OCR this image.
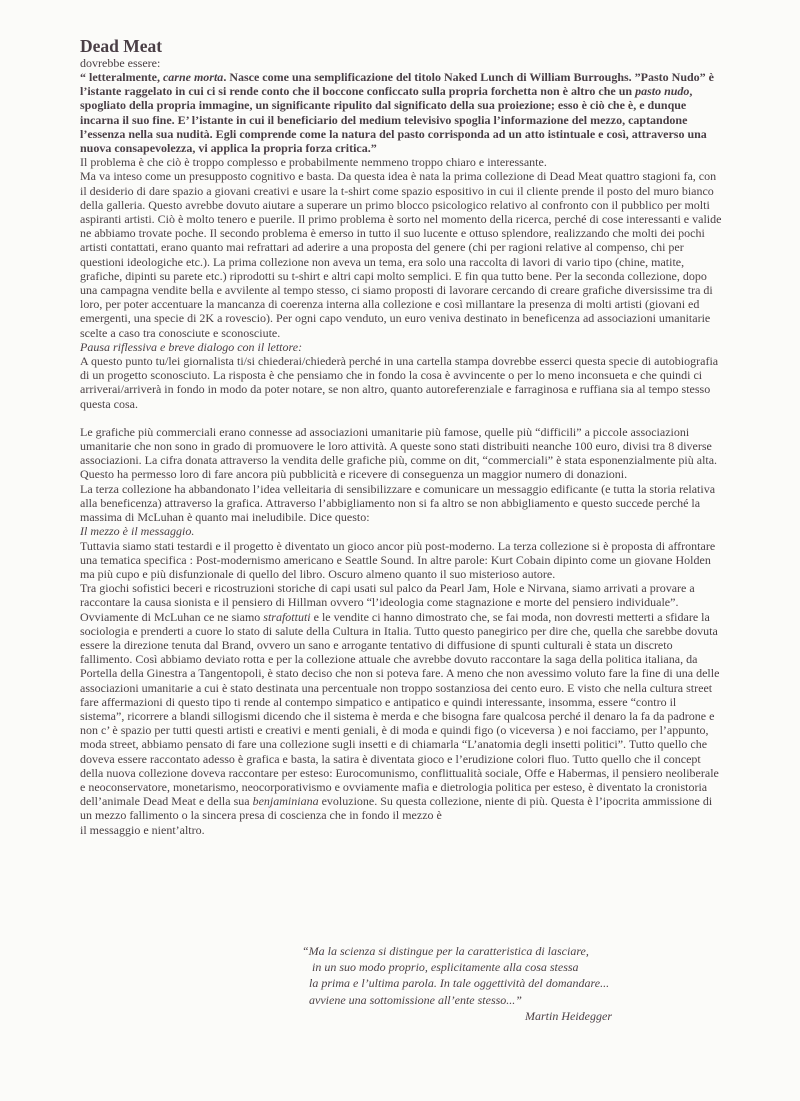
Dead Meat
dovrebbe essere:

“ letteralmente, carne morta. Nasce come una semplificazione del titolo Naked Lunch di William Burroughs. ”Pasto Nudo” è l’istante raggelato in cui ci si rende conto che il boccone conficcato sulla propria forchetta non è altro che un pasto nudo, spogliato della propria immagine, un significante ripulito dal significato della sua proiezione; esso è ciò che è, e dunque incarna il suo fine. E’ l’istante in cui il beneficiario del medium televisivo spoglia l’informazione del mezzo, captandone l’essenza nella sua nudità. Egli comprende come la natura del pasto corrisponda ad un atto istintuale e così, attraverso una nuova consapevolezza, vi applica la propria forza critica.”

Il problema è che ciò è troppo complesso e probabilmente nemmeno troppo chiaro e interessante.

Ma va inteso come un presupposto cognitivo e basta. Da questa idea è nata la prima collezione di Dead Meat quattro stagioni fa, con il desiderio di dare spazio a giovani creativi e usare la t-shirt come spazio espositivo in cui il cliente prende il posto del muro bianco della galleria. Questo avrebbe dovuto aiutare a superare un primo blocco psicologico relativo al confronto con il pubblico per molti aspiranti artisti. Ciò è molto tenero e puerile. Il primo problema è sorto nel momento della ricerca, perché di cose interessanti e valide ne abbiamo trovate poche. Il secondo problema è emerso in tutto il suo lucente e ottuso splendore, realizzando che molti dei pochi artisti contattati, erano quanto mai refrattari ad aderire a una proposta del genere (chi per ragioni relative al compenso, chi per questioni ideologiche etc.). La prima collezione non aveva un tema, era solo una raccolta di lavori di vario tipo (chine, matite, grafiche, dipinti su parete etc.) riprodotti su t-shirt e altri capi molto semplici. E fin qua tutto bene. Per la seconda collezione, dopo una campagna vendite bella e avvilente al tempo stesso, ci siamo proposti di lavorare cercando di creare grafiche diversissime tra di loro, per poter accentuare la mancanza di coerenza interna alla collezione e così millantare la presenza di molti artisti (giovani ed emergenti, una specie di 2K a rovescio). Per ogni capo venduto, un euro veniva destinato in beneficenza ad associazioni umanitarie scelte a caso tra conosciute e sconosciute.

Pausa riflessiva e breve dialogo con il lettore:

A questo punto tu/lei giornalista ti/si chiederai/chiederà perché in una cartella stampa dovrebbe esserci questa specie di autobiografia di un progetto sconosciuto. La risposta è che pensiamo che in fondo la cosa è avvincente o per lo meno inconsueta e che quindi ci arriverai/arriverà in fondo in modo da poter notare, se non altro, quanto autoreferenziale e farraginosa e ruffiana sia al tempo stesso questa cosa.

Le grafiche più commerciali erano connesse ad associazioni umanitarie più famose, quelle più “difficili” a piccole associazioni umanitarie che non sono in grado di promuovere le loro attività. A queste sono stati distribuiti neanche 100 euro, divisi tra 8 diverse associazioni. La cifra donata attraverso la vendita delle grafiche più, comme on dit, “commerciali” è stata esponenzialmente più alta. Questo ha permesso loro di fare ancora più pubblicità e ricevere di conseguenza un maggior numero di donazioni.

La terza collezione ha abbandonato l’idea velleitaria di sensibilizzare e comunicare un messaggio edificante (e tutta la storia relativa alla beneficenza) attraverso la grafica. Attraverso l’abbigliamento non si fa altro se non abbigliamento e questo succede perché la massima di McLuhan è quanto mai ineludibile. Dice questo:

Il mezzo è il messaggio.

Tuttavia siamo stati testardi e il progetto è diventato un gioco ancor più post-moderno. La terza collezione si è proposta di affrontare una tematica specifica : Post-modernismo americano e Seattle Sound. In altre parole: Kurt Cobain dipinto come un giovane Holden ma più cupo e più disfunzionale di quello del libro. Oscuro almeno quanto il suo misterioso autore.

Tra giochi sofistici beceri e ricostruzioni storiche di capi usati sul palco da Pearl Jam, Hole e Nirvana, siamo arrivati a provare a raccontare la causa sionista e il pensiero di Hillman ovvero “l’ideologia come stagnazione e morte del pensiero individuale”. Ovviamente di McLuhan ce ne siamo strafottuti e le vendite ci hanno dimostrato che, se fai moda, non dovresti metterti a sfidare la sociologia e prenderti a cuore lo stato di salute della Cultura in Italia. Tutto questo panegirico per dire che, quella che sarebbe dovuta essere la direzione tenuta dal Brand, ovvero un sano e arrogante tentativo di diffusione di spunti culturali è stata un discreto fallimento. Così abbiamo deviato rotta e per la collezione attuale che avrebbe dovuto raccontare la saga della politica italiana, da Portella della Ginestra a Tangentopoli, è stato deciso che non si poteva fare. A meno che non avessimo voluto fare la fine di una delle associazioni umanitarie a cui è stato destinata una percentuale non troppo sostanziosa dei cento euro. E visto che nella cultura street fare affermazioni di questo tipo ti rende al contempo simpatico e antipatico e quindi interessante, insomma, essere “contro il sistema”, ricorrere a blandi sillogismi dicendo che il sistema è merda e che bisogna fare qualcosa perché il denaro la fa da padrone e non c’ è spazio per tutti questi artisti e creativi e menti geniali, è di moda e quindi figo (o viceversa ) e noi facciamo, per l’appunto, moda street, abbiamo pensato di fare una collezione sugli insetti e di chiamarla “L’anatomia degli insetti politici”. Tutto quello che doveva essere raccontato adesso è grafica e basta, la satira è diventata gioco e l’erudizione colori fluo. Tutto quello che il concept della nuova collezione doveva raccontare per esteso: Eurocomunismo, conflittualità sociale, Offe e Habermas, il pensiero neoliberale e neoconservatore, monetarismo, neocorporativismo e ovviamente mafia e dietrologia politica per esteso, è diventato la cronistoria dell’animale Dead Meat e della sua benjaminiana evoluzione. Su questa collezione, niente di più. Questa è l’ipocrita ammissione di un mezzo fallimento o la sincera presa di coscienza che in fondo il mezzo è

il messaggio e nient’altro.

“Ma la scienza si distingue per la caratteristica di lasciare,
in un suo modo proprio, esplicitamente alla cosa stessa
la prima e l’ultima parola. In tale oggettività del domandare...
avviene una sottomissione all’ente stesso...”
Martin Heidegger
